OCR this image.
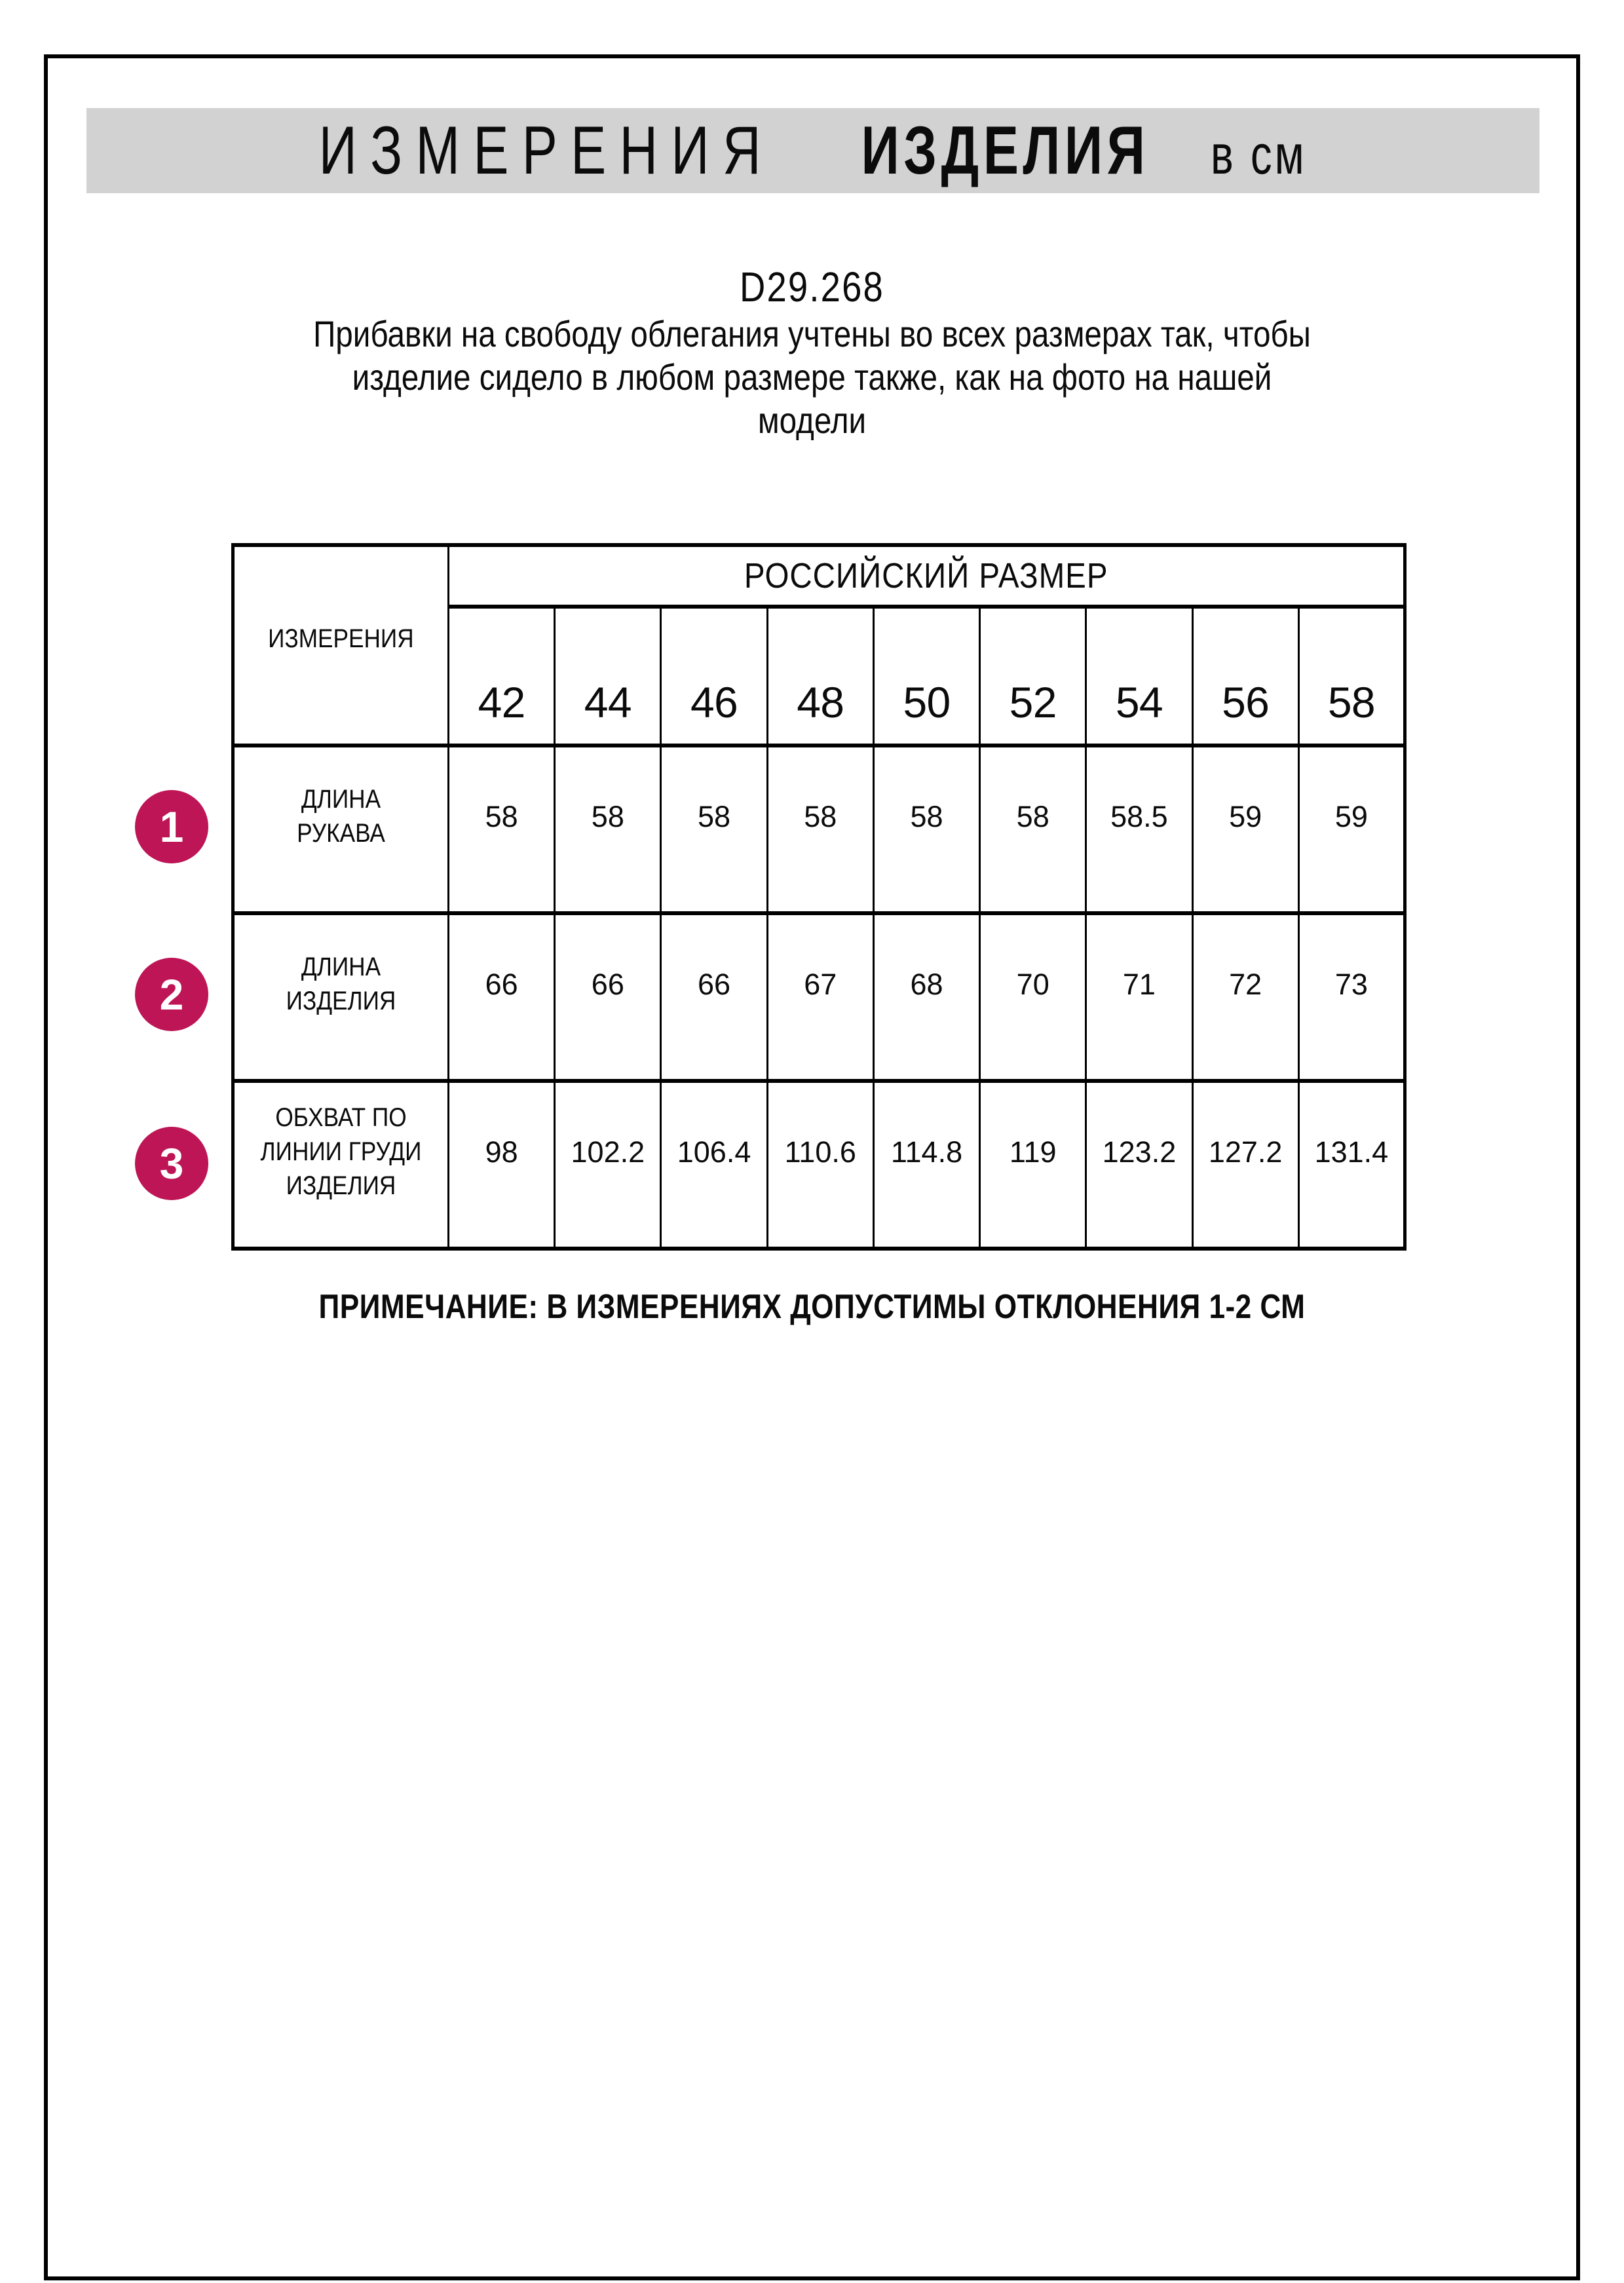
ИЗМЕРЕНИЯ ИЗДЕЛИЯ в см
D29.268
Прибавки на свободу облегания учтены во всех размерах так, чтобы
изделие сидело в любом размере также, как на фото на нашей
модели
ИЗМЕРЕНИЯ	РОССИЙСКИЙ РАЗМЕР								
	42	44	46	48	50	52	54	56	58
ДЛИНА РУКАВА	58	58	58	58	58	58	58.5	59	59
ДЛИНА ИЗДЕЛИЯ	66	66	66	67	68	70	71	72	73
ОБХВАТ ПО ЛИНИИ ГРУДИ ИЗДЕЛИЯ	98	102.2	106.4	110.6	114.8	119	123.2	127.2	131.4
1
2
3
ПРИМЕЧАНИЕ: В ИЗМЕРЕНИЯХ ДОПУСТИМЫ ОТКЛОНЕНИЯ 1-2 СМ
